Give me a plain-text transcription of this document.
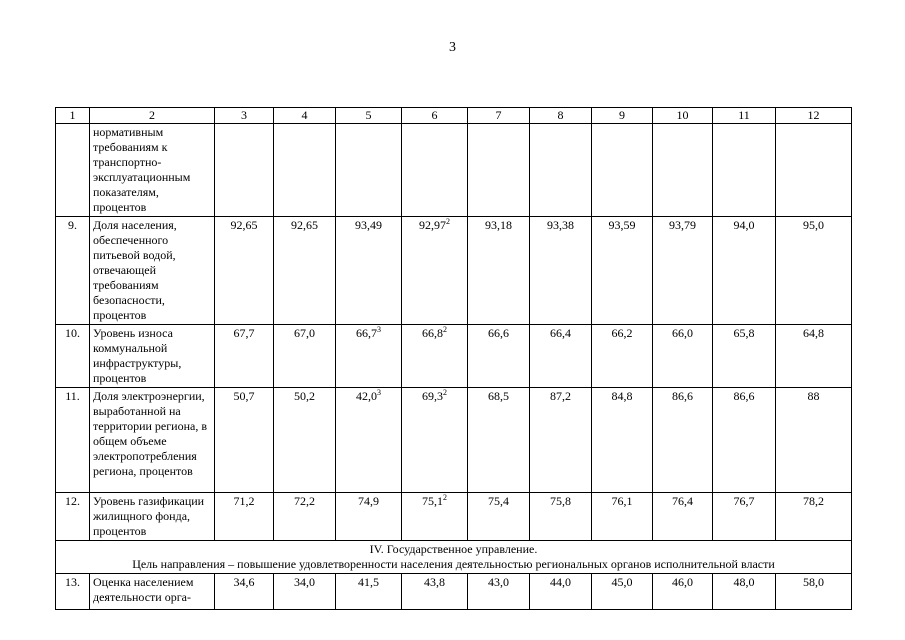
3
1	2	3	4	5	6	7	8	9	10	11	12
	нормативным требованиям к транспортно-эксплуатационным показателям, процентов										
9.	Доля населения, обеспеченного питьевой водой, отвечающей требованиям безопасности, процентов	92,65	92,65	93,49	92,97$^2$	93,18	93,38	93,59	93,79	94,0	95,0
10.	Уровень износа коммунальной инфраструктуры, процентов	67,7	67,0	66,7$^3$	66,8$^2$	66,6	66,4	66,2	66,0	65,8	64,8
11.	Доля электроэнергии, выработанной на территории региона, в общем объеме электропотребления региона, процентов	50,7	50,2	42,0$^3$	69,3$^2$	68,5	87,2	84,8	86,6	86,6	88
12.	Уровень газификации жилищного фонда, процентов	71,2	72,2	74,9	75,1$^2$	75,4	75,8	76,1	76,4	76,7	78,2

IV. Государственное управление.
Цель направления – повышение удовлетворенности населения деятельностью региональных органов исполнительной власти											

13.	Оценка населением деятельности орга-	34,6	34,0	41,5	43,8	43,0	44,0	45,0	46,0	48,0	58,0
